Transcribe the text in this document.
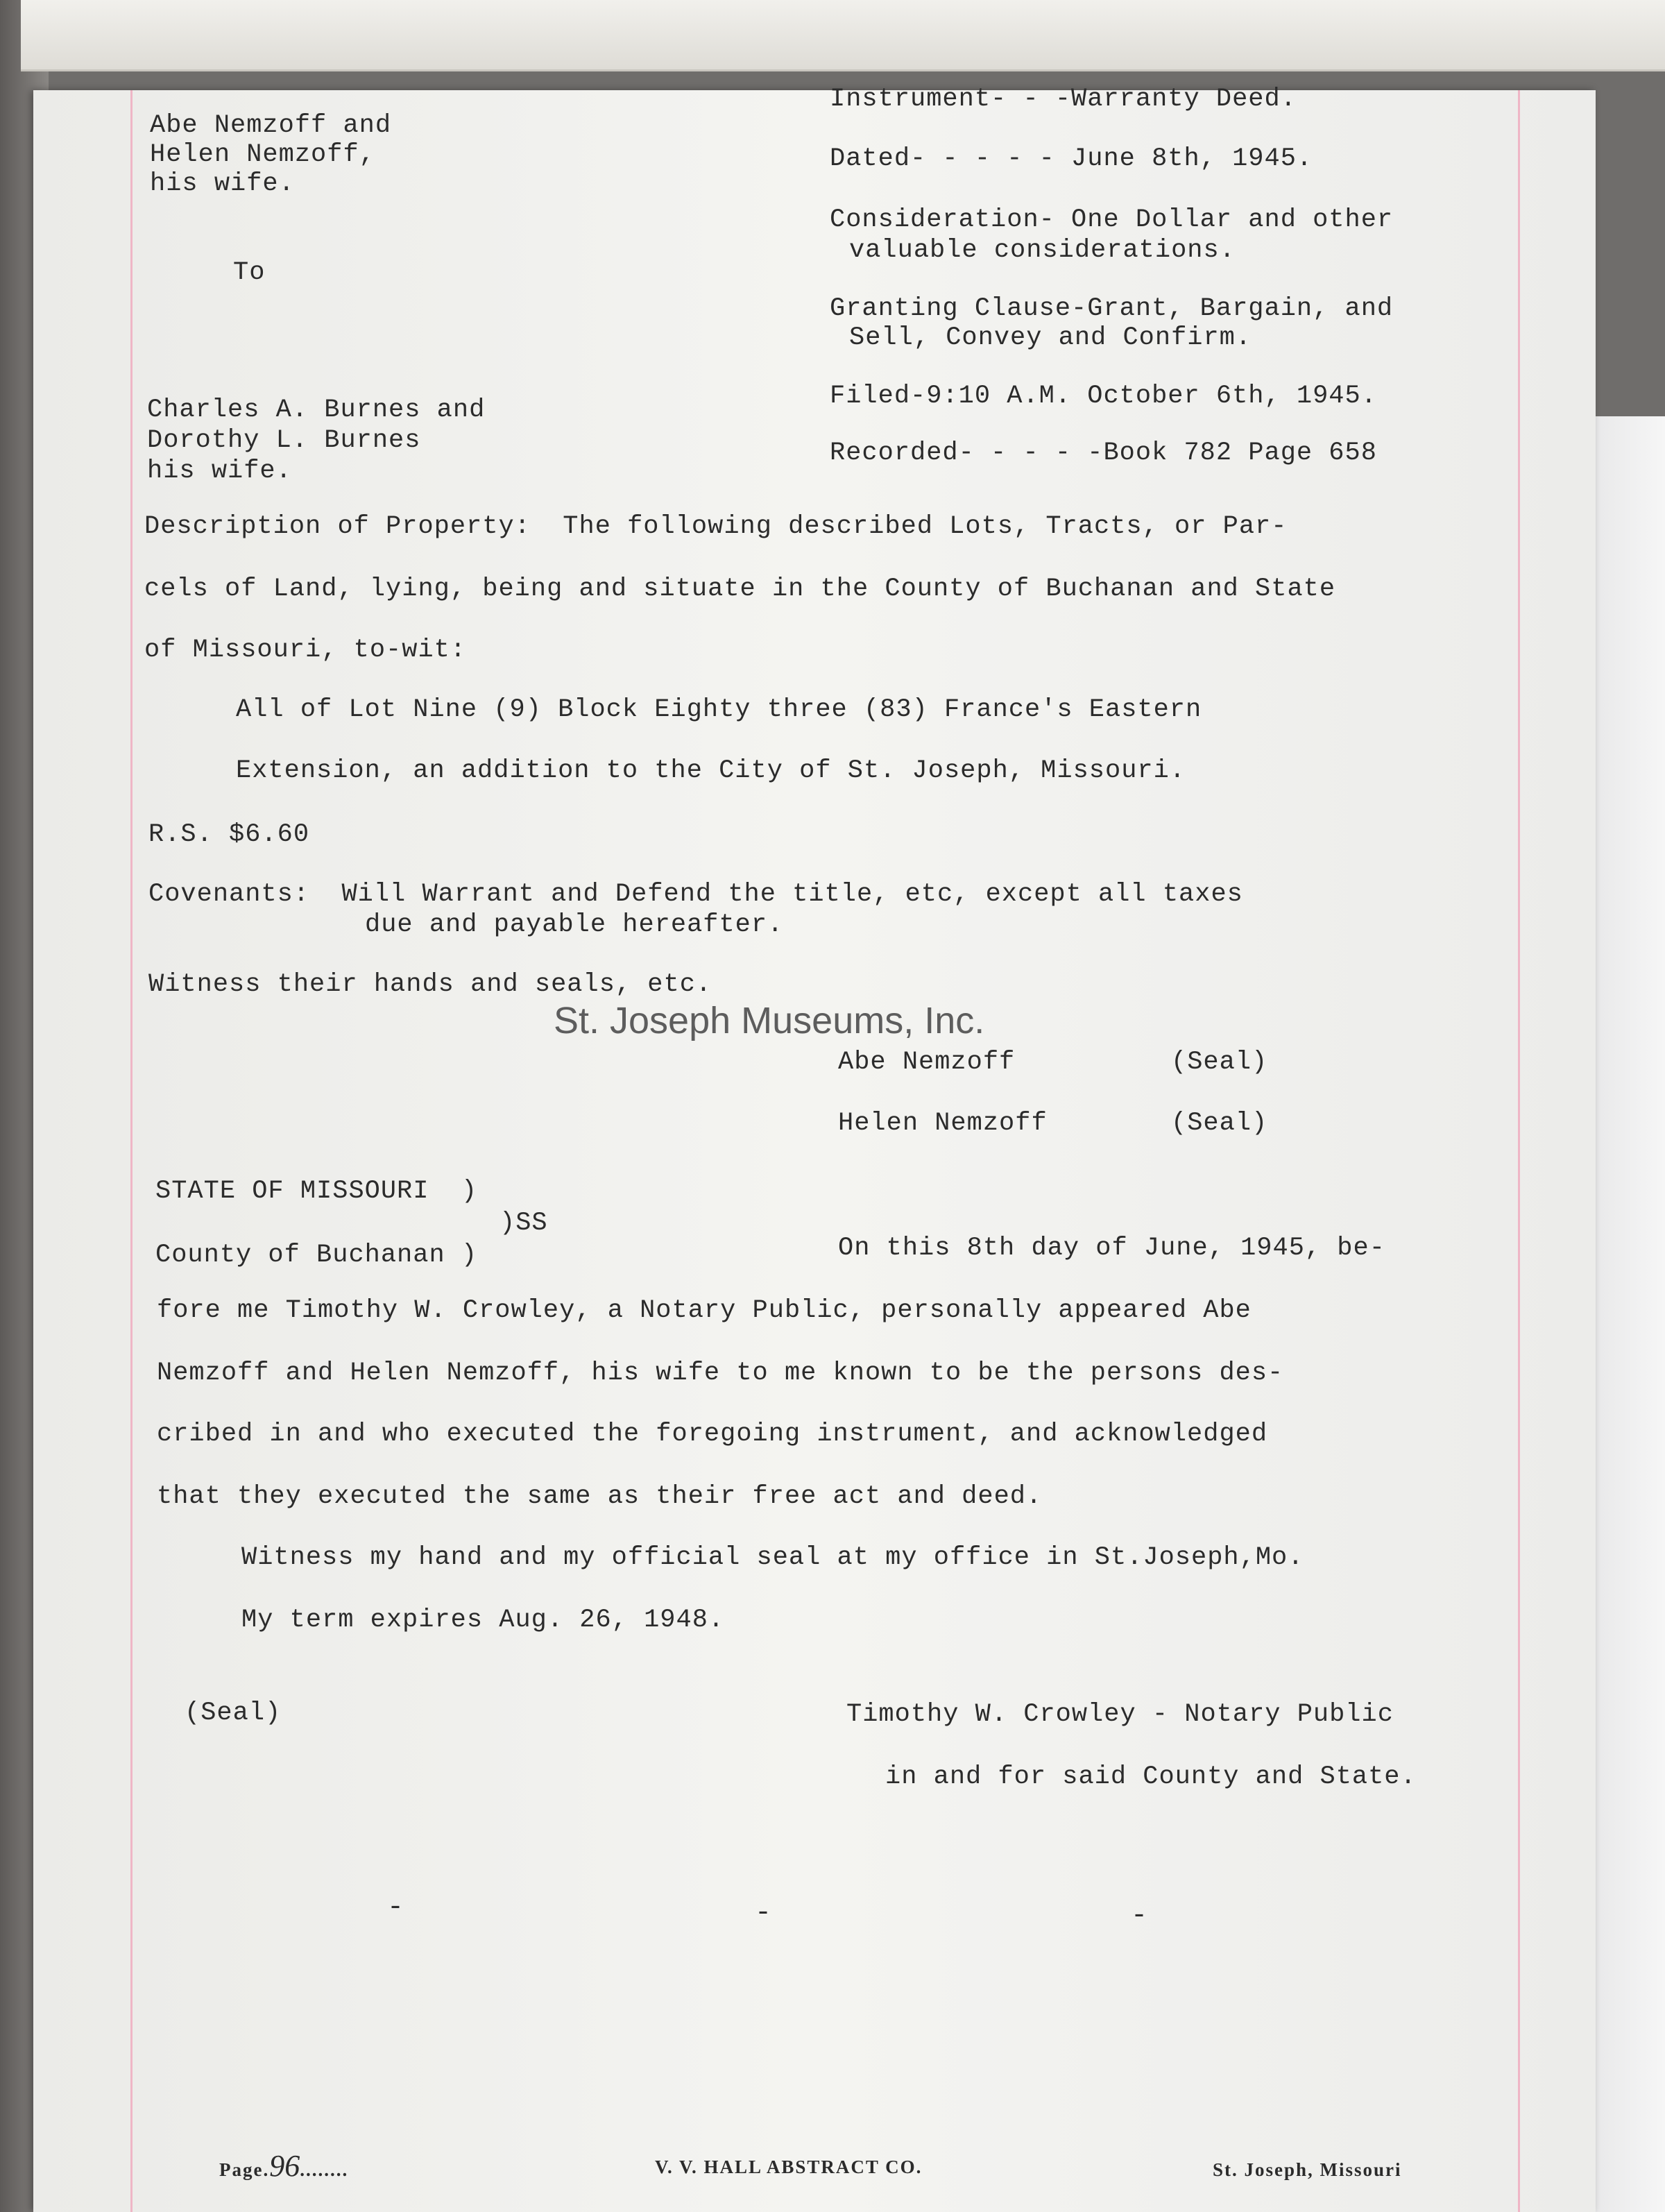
Abe Nemzoff and
Helen Nemzoff,
his wife.
To
Charles A. Burnes and
Dorothy L. Burnes
his wife.
Instrument- - -Warranty Deed.
Dated- - - - - June 8th, 1945.
Consideration- One Dollar and other
valuable considerations.
Granting Clause-Grant, Bargain, and
Sell, Convey and Confirm.
Filed-9:10 A.M. October 6th, 1945.
Recorded- - - - -Book 782 Page 658
Description of Property:  The following described Lots, Tracts, or Par-
cels of Land, lying, being and situate in the County of Buchanan and State
of Missouri, to-wit:
All of Lot Nine (9) Block Eighty three (83) France's Eastern
Extension, an addition to the City of St. Joseph, Missouri.
R.S. $6.60
Covenants:  Will Warrant and Defend the title, etc, except all taxes
due and payable hereafter.
Witness their hands and seals, etc.
Abe Nemzoff	(Seal)
Helen Nemzoff	(Seal)
STATE OF MISSOURI  )
)SS
County of Buchanan )	On this 8th day of June, 1945, be-
fore me Timothy W. Crowley, a Notary Public, personally appeared Abe
Nemzoff and Helen Nemzoff, his wife to me known to be the persons des-
cribed in and who executed the foregoing instrument, and acknowledged
that they executed the same as their free act and deed.
Witness my hand and my official seal at my office in St.Joseph,Mo.
My term expires Aug. 26, 1948.
(Seal)	Timothy W. Crowley - Notary Public
in and for said County and State.
-	-	-
Page.96........	V. V. HALL ABSTRACT CO.	St. Joseph, Missouri
St. Joseph Museums, Inc.
